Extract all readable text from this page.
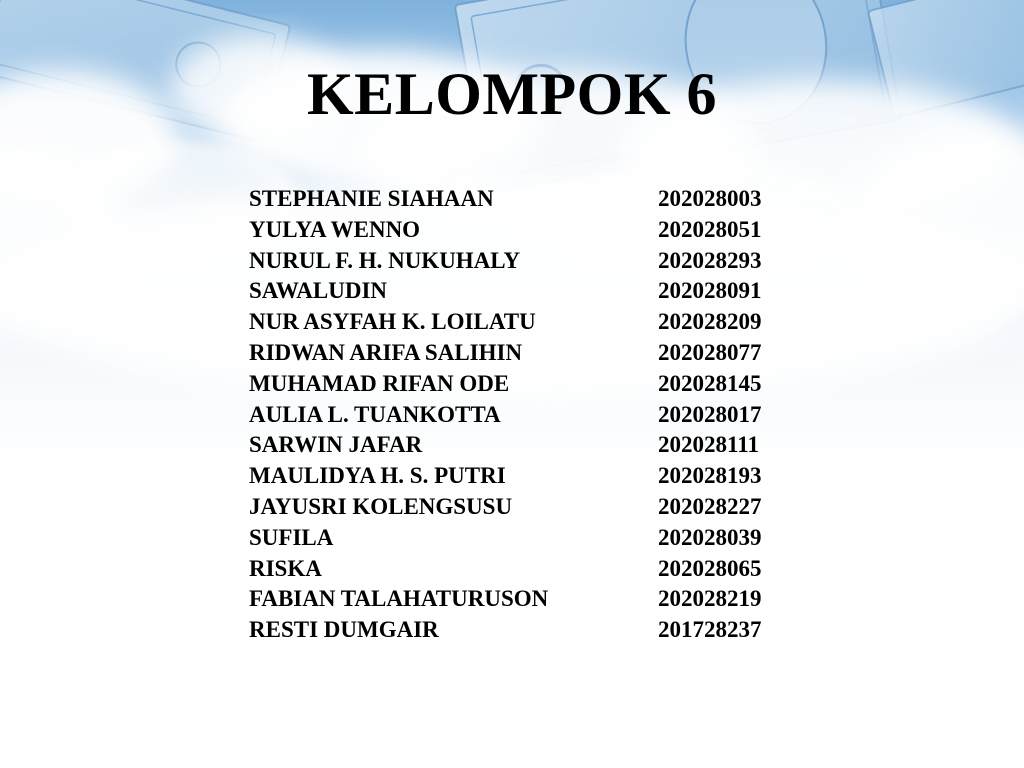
KELOMPOK 6
STEPHANIE SIAHAAN	202028003
YULYA WENNO	202028051
NURUL F. H. NUKUHALY	202028293
SAWALUDIN	202028091
NUR ASYFAH K. LOILATU	202028209
RIDWAN ARIFA SALIHIN	202028077
MUHAMAD RIFAN ODE	202028145
AULIA L. TUANKOTTA	202028017
SARWIN JAFAR	202028111
MAULIDYA H. S. PUTRI	202028193
JAYUSRI KOLENGSUSU	202028227
SUFILA	202028039
RISKA	202028065
FABIAN TALAHATURUSON	202028219
RESTI DUMGAIR	201728237
